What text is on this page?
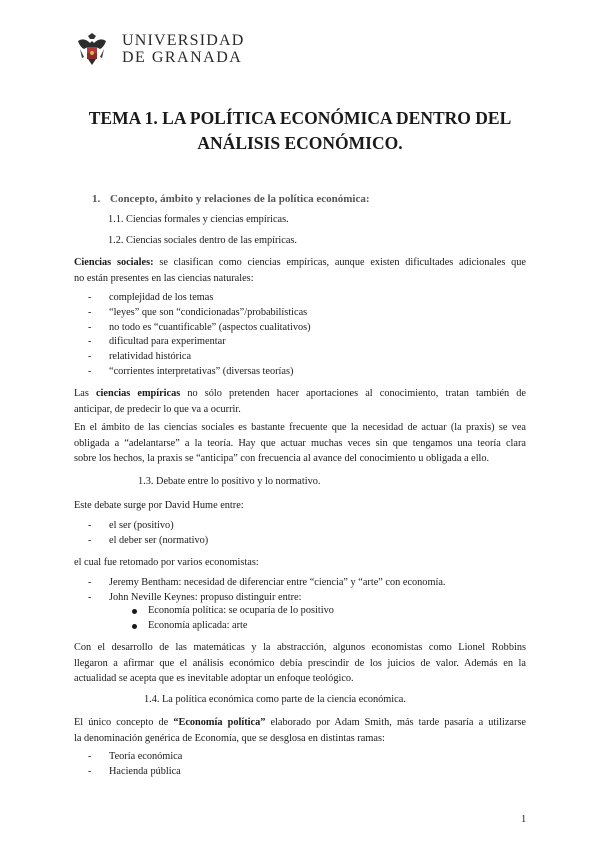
UNIVERSIDAD
DE GRANADA
TEMA 1. LA POLÍTICA ECONÓMICA DENTRO DEL
ANÁLISIS ECONÓMICO.
1. Concepto, ámbito y relaciones de la política económica:
1.1. Ciencias formales y ciencias empíricas.
1.2. Ciencias sociales dentro de las empíricas.
Ciencias sociales: se clasifican como ciencias empíricas, aunque existen dificultades adicionales que
no están presentes en las ciencias naturales:
- complejidad de los temas
- “leyes” que son “condicionadas”/probabilísticas
- no todo es “cuantificable” (aspectos cualitativos)
- dificultad para experimentar
- relatividad histórica
- “corrientes interpretativas” (diversas teorías)
Las ciencias empíricas no sólo pretenden hacer aportaciones al conocimiento, tratan también de
anticipar, de predecir lo que va a ocurrir.
En el ámbito de las ciencias sociales es bastante frecuente que la necesidad de actuar (la praxis) se vea
obligada a “adelantarse” a la teoría. Hay que actuar muchas veces sin que tengamos una teoría clara
sobre los hechos, la praxis se “anticipa” con frecuencia al avance del conocimiento u obligada a ello.
1.3. Debate entre lo positivo y lo normativo.
Este debate surge por David Hume entre:
- el ser (positivo)
- el deber ser (normativo)
el cual fue retomado por varios economistas:
- Jeremy Bentham: necesidad de diferenciar entre “ciencia” y “arte” con economía.
- John Neville Keynes: propuso distinguir entre:
Economía política: se ocuparía de lo positivo
Economía aplicada: arte
Con el desarrollo de las matemáticas y la abstracción, algunos economistas como Lionel Robbins
llegaron a afirmar que el análisis económico debía prescindir de los juicios de valor. Además en la
actualidad se acepta que es inevitable adoptar un enfoque teológico.
1.4. La política económica como parte de la ciencia económica.
El único concepto de “Economía política” elaborado por Adam Smith, más tarde pasaría a utilizarse
la denominación genérica de Economía, que se desglosa en distintas ramas:
- Teoría económica
- Hacienda pública
1
